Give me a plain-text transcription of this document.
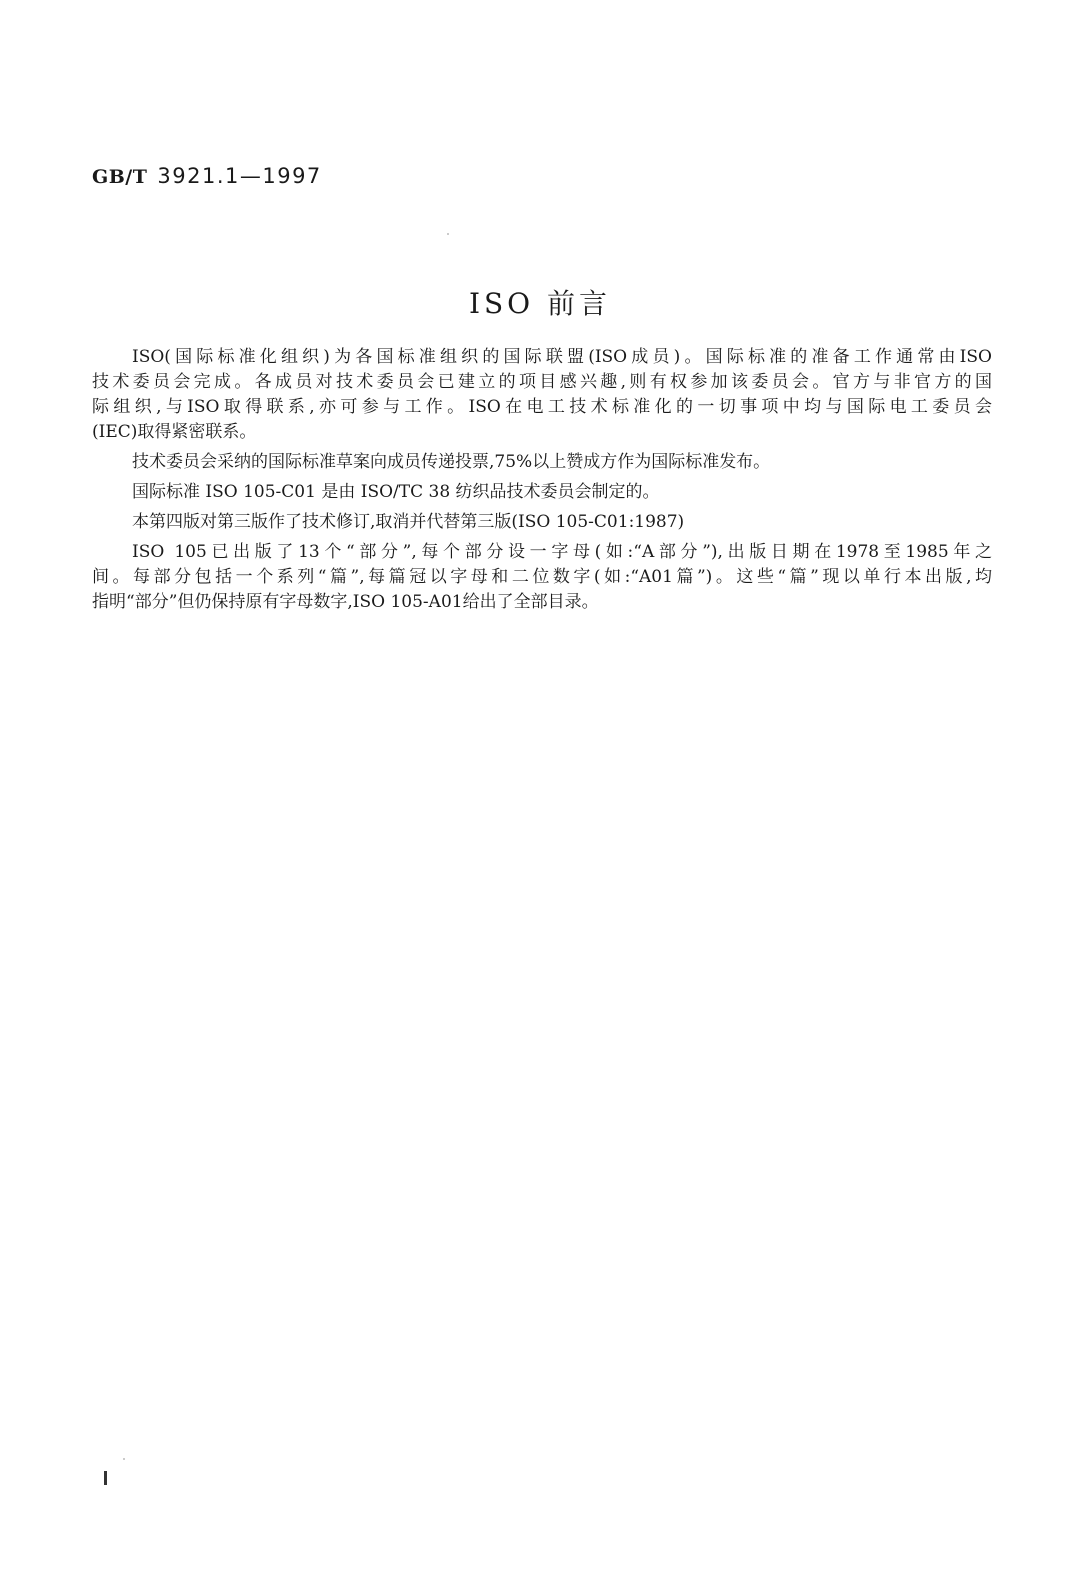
GB/T 3921.1—1997
ISO 前言
ISO(国际标准化组织)为各国标准组织的国际联盟(ISO成员)。国际标准的准备工作通常由ISO
技术委员会完成。各成员对技术委员会已建立的项目感兴趣,则有权参加该委员会。官方与非官方的国
际组织,与ISO取得联系,亦可参与工作。ISO在电工技术标准化的一切事项中均与国际电工委员会
(IEC)取得紧密联系。
技术委员会采纳的国际标准草案向成员传递投票,75%以上赞成方作为国际标准发布。
国际标准 ISO 105-C01 是由 ISO/TC 38 纺织品技术委员会制定的。
本第四版对第三版作了技术修订,取消并代替第三版(ISO 105-C01:1987)
ISO 105已出版了13个“部分”,每个部分设一字母(如:“A部分”),出版日期在1978至1985年之
间。每部分包括一个系列“篇”,每篇冠以字母和二位数字(如:“A01篇”)。这些“篇”现以单行本出版,均
指明“部分”但仍保持原有字母数字,ISO 105-A01给出了全部目录。
